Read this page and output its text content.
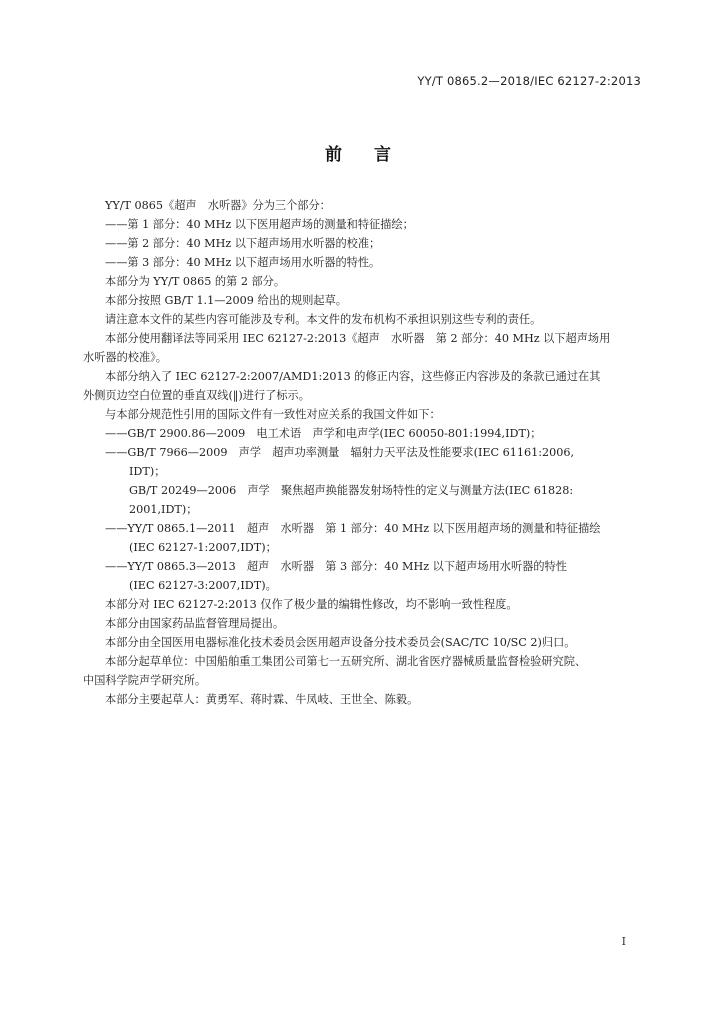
YY/T 0865.2—2018/IEC 62127-2:2013
前言

YY/T 0865《超声　水听器》分为三个部分：

——第 1 部分：40 MHz 以下医用超声场的测量和特征描绘；

——第 2 部分：40 MHz 以下超声场用水听器的校准；

——第 3 部分：40 MHz 以下超声场用水听器的特性。

本部分为 YY/T 0865 的第 2 部分。

本部分按照 GB/T 1.1—2009 给出的规则起草。

请注意本文件的某些内容可能涉及专利。本文件的发布机构不承担识别这些专利的责任。

本部分使用翻译法等同采用 IEC 62127-2:2013《超声　水听器　第 2 部分：40 MHz 以下超声场用

水听器的校准》。

本部分纳入了 IEC 62127-2:2007/AMD1:2013 的修正内容，这些修正内容涉及的条款已通过在其

外侧页边空白位置的垂直双线(‖)进行了标示。

与本部分规范性引用的国际文件有一致性对应关系的我国文件如下：

——GB/T 2900.86—2009　电工术语　声学和电声学(IEC 60050-801:1994,IDT)；

——GB/T 7966—2009　声学　超声功率测量　辐射力天平法及性能要求(IEC 61161:2006,

IDT)；

GB/T 20249—2006　声学　聚焦超声换能器发射场特性的定义与测量方法(IEC 61828:

2001,IDT)；

——YY/T 0865.1—2011　超声　水听器　第 1 部分：40 MHz 以下医用超声场的测量和特征描绘

(IEC 62127-1:2007,IDT)；

——YY/T 0865.3—2013　超声　水听器　第 3 部分：40 MHz 以下超声场用水听器的特性

(IEC 62127-3:2007,IDT)。

本部分对 IEC 62127-2:2013 仅作了极少量的编辑性修改，均不影响一致性程度。

本部分由国家药品监督管理局提出。

本部分由全国医用电器标准化技术委员会医用超声设备分技术委员会(SAC/TC 10/SC 2)归口。

本部分起草单位：中国船舶重工集团公司第七一五研究所、湖北省医疗器械质量监督检验研究院、

中国科学院声学研究所。

本部分主要起草人：黄勇军、蒋时霖、牛凤岐、王世全、陈毅。

I
